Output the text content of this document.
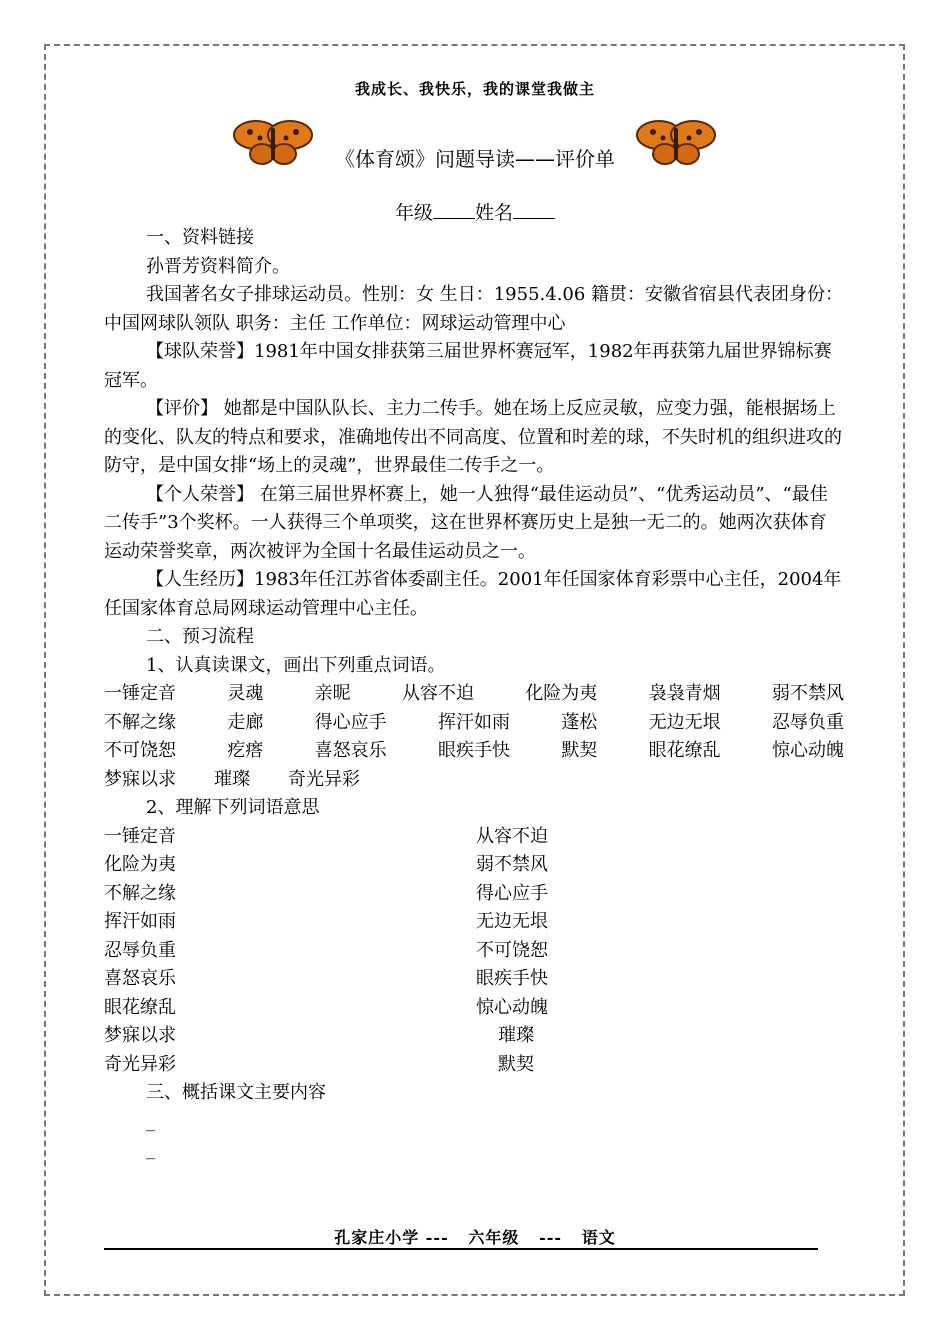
我成长、我快乐，我的课堂我做主
《体育颂》问题导读——评价单
年级 姓名

一、资料链接

孙晋芳资料简介。

我国著名女子排球运动员。性别：女 生日：1955.4.06 籍贯：安徽省宿县代表团身份：中国网球队领队 职务：主任 工作单位：网球运动管理中心

【球队荣誉】1981年中国女排获第三届世界杯赛冠军，1982年再获第九届世界锦标赛冠军。

【评价】 她都是中国队队长、主力二传手。她在场上反应灵敏，应变力强，能根据场上的变化、队友的特点和要求，准确地传出不同高度、位置和时差的球，不失时机的组织进攻的防守，是中国女排“场上的灵魂”，世界最佳二传手之一。

【个人荣誉】 在第三届世界杯赛上，她一人独得“最佳运动员”、“优秀运动员”、“最佳二传手”3个奖杯。一人获得三个单项奖，这在世界杯赛历史上是独一无二的。她两次获体育运动荣誉奖章，两次被评为全国十名最佳运动员之一。

【人生经历】1983年任江苏省体委副主任。2001年任国家体育彩票中心主任，2004年任国家体育总局网球运动管理中心主任。

二、预习流程

1、认真读课文，画出下列重点词语。

一锤定音	灵魂	亲昵	从容不迫	化险为夷	袅袅青烟	弱不禁风
不解之缘	走廊	得心应手	挥汗如雨	蓬松	无边无垠	忍辱负重
不可饶恕	疙瘩	喜怒哀乐	眼疾手快	默契	眼花缭乱	惊心动魄
梦寐以求 璀璨 奇光异彩

2、理解下列词语意思

一锤定音	从容不迫
化险为夷	弱不禁风
不解之缘	得心应手
挥汗如雨	无边无垠
忍辱负重	不可饶恕
喜怒哀乐	眼疾手快
眼花缭乱	惊心动魄
梦寐以求	璀璨
奇光异彩	默契

三、概括课文主要内容

_

_

孔家庄小学 ---   六年级   ---   语文
